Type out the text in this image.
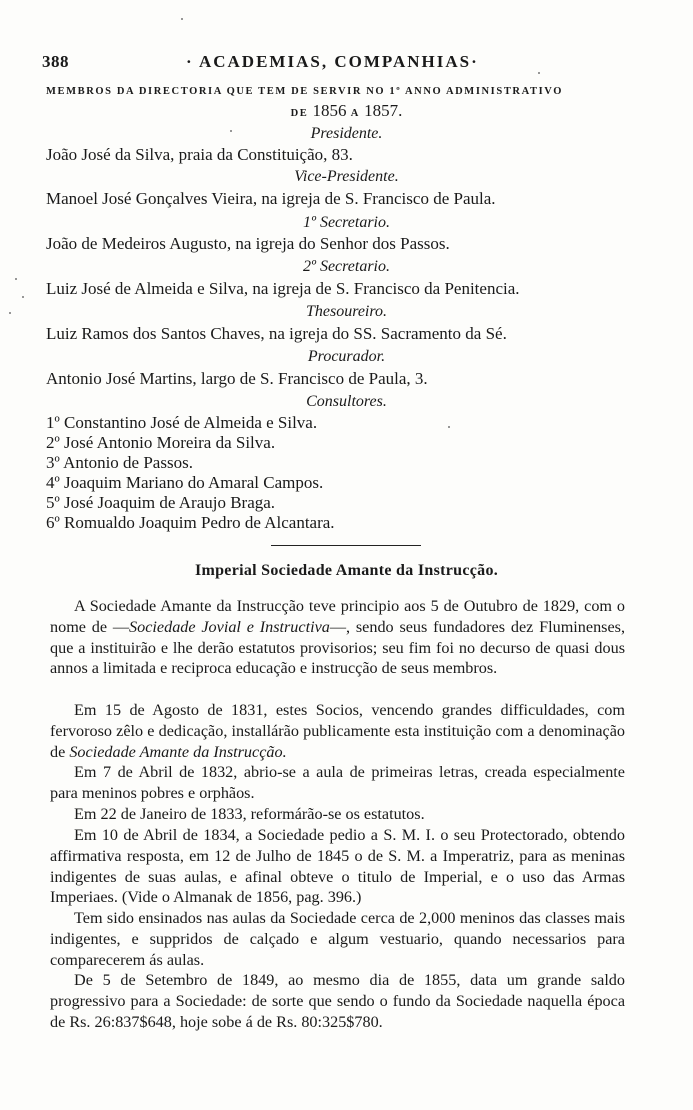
388	· ACADEMIAS, COMPANHIAS·
MEMBROS DA DIRECTORIA QUE TEM DE SERVIR NO 1º ANNO ADMINISTRATIVO
DE 1856 A 1857.
Presidente.
João José da Silva, praia da Constituição, 83.
Vice-Presidente.
Manoel José Gonçalves Vieira, na igreja de S. Francisco de Paula.
1º Secretario.
João de Medeiros Augusto, na igreja do Senhor dos Passos.
2º Secretario.
Luiz José de Almeida e Silva, na igreja de S. Francisco da Penitencia.
Thesoureiro.
Luiz Ramos dos Santos Chaves, na igreja do SS. Sacramento da Sé.
Procurador.
Antonio José Martins, largo de S. Francisco de Paula, 3.
Consultores.
1º Constantino José de Almeida e Silva.
2º José Antonio Moreira da Silva.
3º Antonio de Passos.
4º Joaquim Mariano do Amaral Campos.
5º José Joaquim de Araujo Braga.
6º Romualdo Joaquim Pedro de Alcantara.
Imperial Sociedade Amante da Instrucção.

A Sociedade Amante da Instrucção teve principio aos 5 de Outubro de 1829, com o nome de —Sociedade Jovial e Instructiva—, sendo seus fundadores dez Fluminenses, que a instituirão e lhe derão estatutos provisorios; seu fim foi no decurso de quasi dous annos a limitada e reciproca educação e instrucção de seus membros.

Em 15 de Agosto de 1831, estes Socios, vencendo grandes difficuldades, com fervoroso zêlo e dedicação, installárão publicamente esta instituição com a denominação de Sociedade Amante da Instrucção.

Em 7 de Abril de 1832, abrio-se a aula de primeiras letras, creada especialmente para meninos pobres e orphãos.
Em 22 de Janeiro de 1833, reformárão-se os estatutos.
Em 10 de Abril de 1834, a Sociedade pedio a S. M. I. o seu Protectorado, obtendo affirmativa resposta, em 12 de Julho de 1845 o de S. M. a Imperatriz, para as meninas indigentes de suas aulas, e afinal obteve o titulo de Imperial, e o uso das Armas Imperiaes. (Vide o Almanak de 1856, pag. 396.)
Tem sido ensinados nas aulas da Sociedade cerca de 2,000 meninos das classes mais indigentes, e suppridos de calçado e algum vestuario, quando necessarios para comparecerem ás aulas.
De 5 de Setembro de 1849, ao mesmo dia de 1855, data um grande saldo progressivo para a Sociedade: de sorte que sendo o fundo da Sociedade naquella época de Rs. 26:837$648, hoje sobe á de Rs. 80:325$780.
